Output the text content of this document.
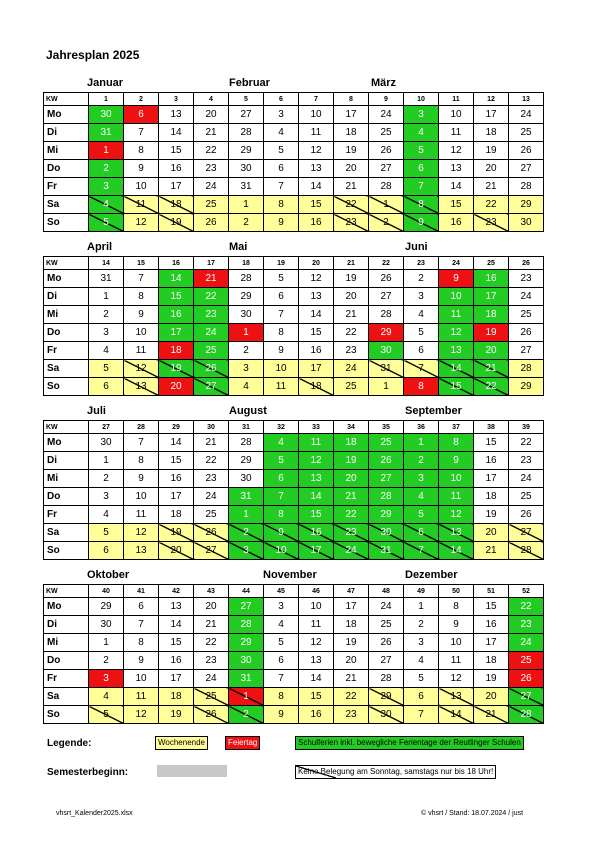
Jahresplan 2025
Januar	Februar	März
KW	1	2	3	4	5	6	7	8	9	10	11	12	13
Mo	30	6	13	20	27	3	10	17	24	3	10	17	24
Di	31	7	14	21	28	4	11	18	25	4	11	18	25
Mi	1	8	15	22	29	5	12	19	26	5	12	19	26
Do	2	9	16	23	30	6	13	20	27	6	13	20	27
Fr	3	10	17	24	31	7	14	21	28	7	14	21	28
Sa	4	11	18	25	1	8	15	22	1	8	15	22	29
So	5	12	19	26	2	9	16	23	2	9	16	23	30
April	Mai	Juni
KW	14	15	16	17	18	19	20	21	22	23	24	25	26
Mo	31	7	14	21	28	5	12	19	26	2	9	16	23
Di	1	8	15	22	29	6	13	20	27	3	10	17	24
Mi	2	9	16	23	30	7	14	21	28	4	11	18	25
Do	3	10	17	24	1	8	15	22	29	5	12	19	26
Fr	4	11	18	25	2	9	16	23	30	6	13	20	27
Sa	5	12	19	26	3	10	17	24	31	7	14	21	28
So	6	13	20	27	4	11	18	25	1	8	15	22	29
Juli	August	September
KW	27	28	29	30	31	32	33	34	35	36	37	38	39
Mo	30	7	14	21	28	4	11	18	25	1	8	15	22
Di	1	8	15	22	29	5	12	19	26	2	9	16	23
Mi	2	9	16	23	30	6	13	20	27	3	10	17	24
Do	3	10	17	24	31	7	14	21	28	4	11	18	25
Fr	4	11	18	25	1	8	15	22	29	5	12	19	26
Sa	5	12	19	26	2	9	16	23	30	6	13	20	27
So	6	13	20	27	3	10	17	24	31	7	14	21	28
Oktober	November	Dezember
KW	40	41	42	43	44	45	46	47	48	49	50	51	52
Mo	29	6	13	20	27	3	10	17	24	1	8	15	22
Di	30	7	14	21	28	4	11	18	25	2	9	16	23
Mi	1	8	15	22	29	5	12	19	26	3	10	17	24
Do	2	9	16	23	30	6	13	20	27	4	11	18	25
Fr	3	10	17	24	31	7	14	21	28	5	12	19	26
Sa	4	11	18	25	1	8	15	22	29	6	13	20	27
So	5	12	19	26	2	9	16	23	30	7	14	21	28
Legende:	Wochenende	Feiertag	Schulferien inkl. bewegliche Ferientage der Reutlinger Schulen
Semesterbeginn:	Keine Belegung am Sonntag, samstags nur bis 18 Uhr!
vhsrt_Kalender2025.xlsx	© vhsrt / Stand: 18.07.2024 / just
